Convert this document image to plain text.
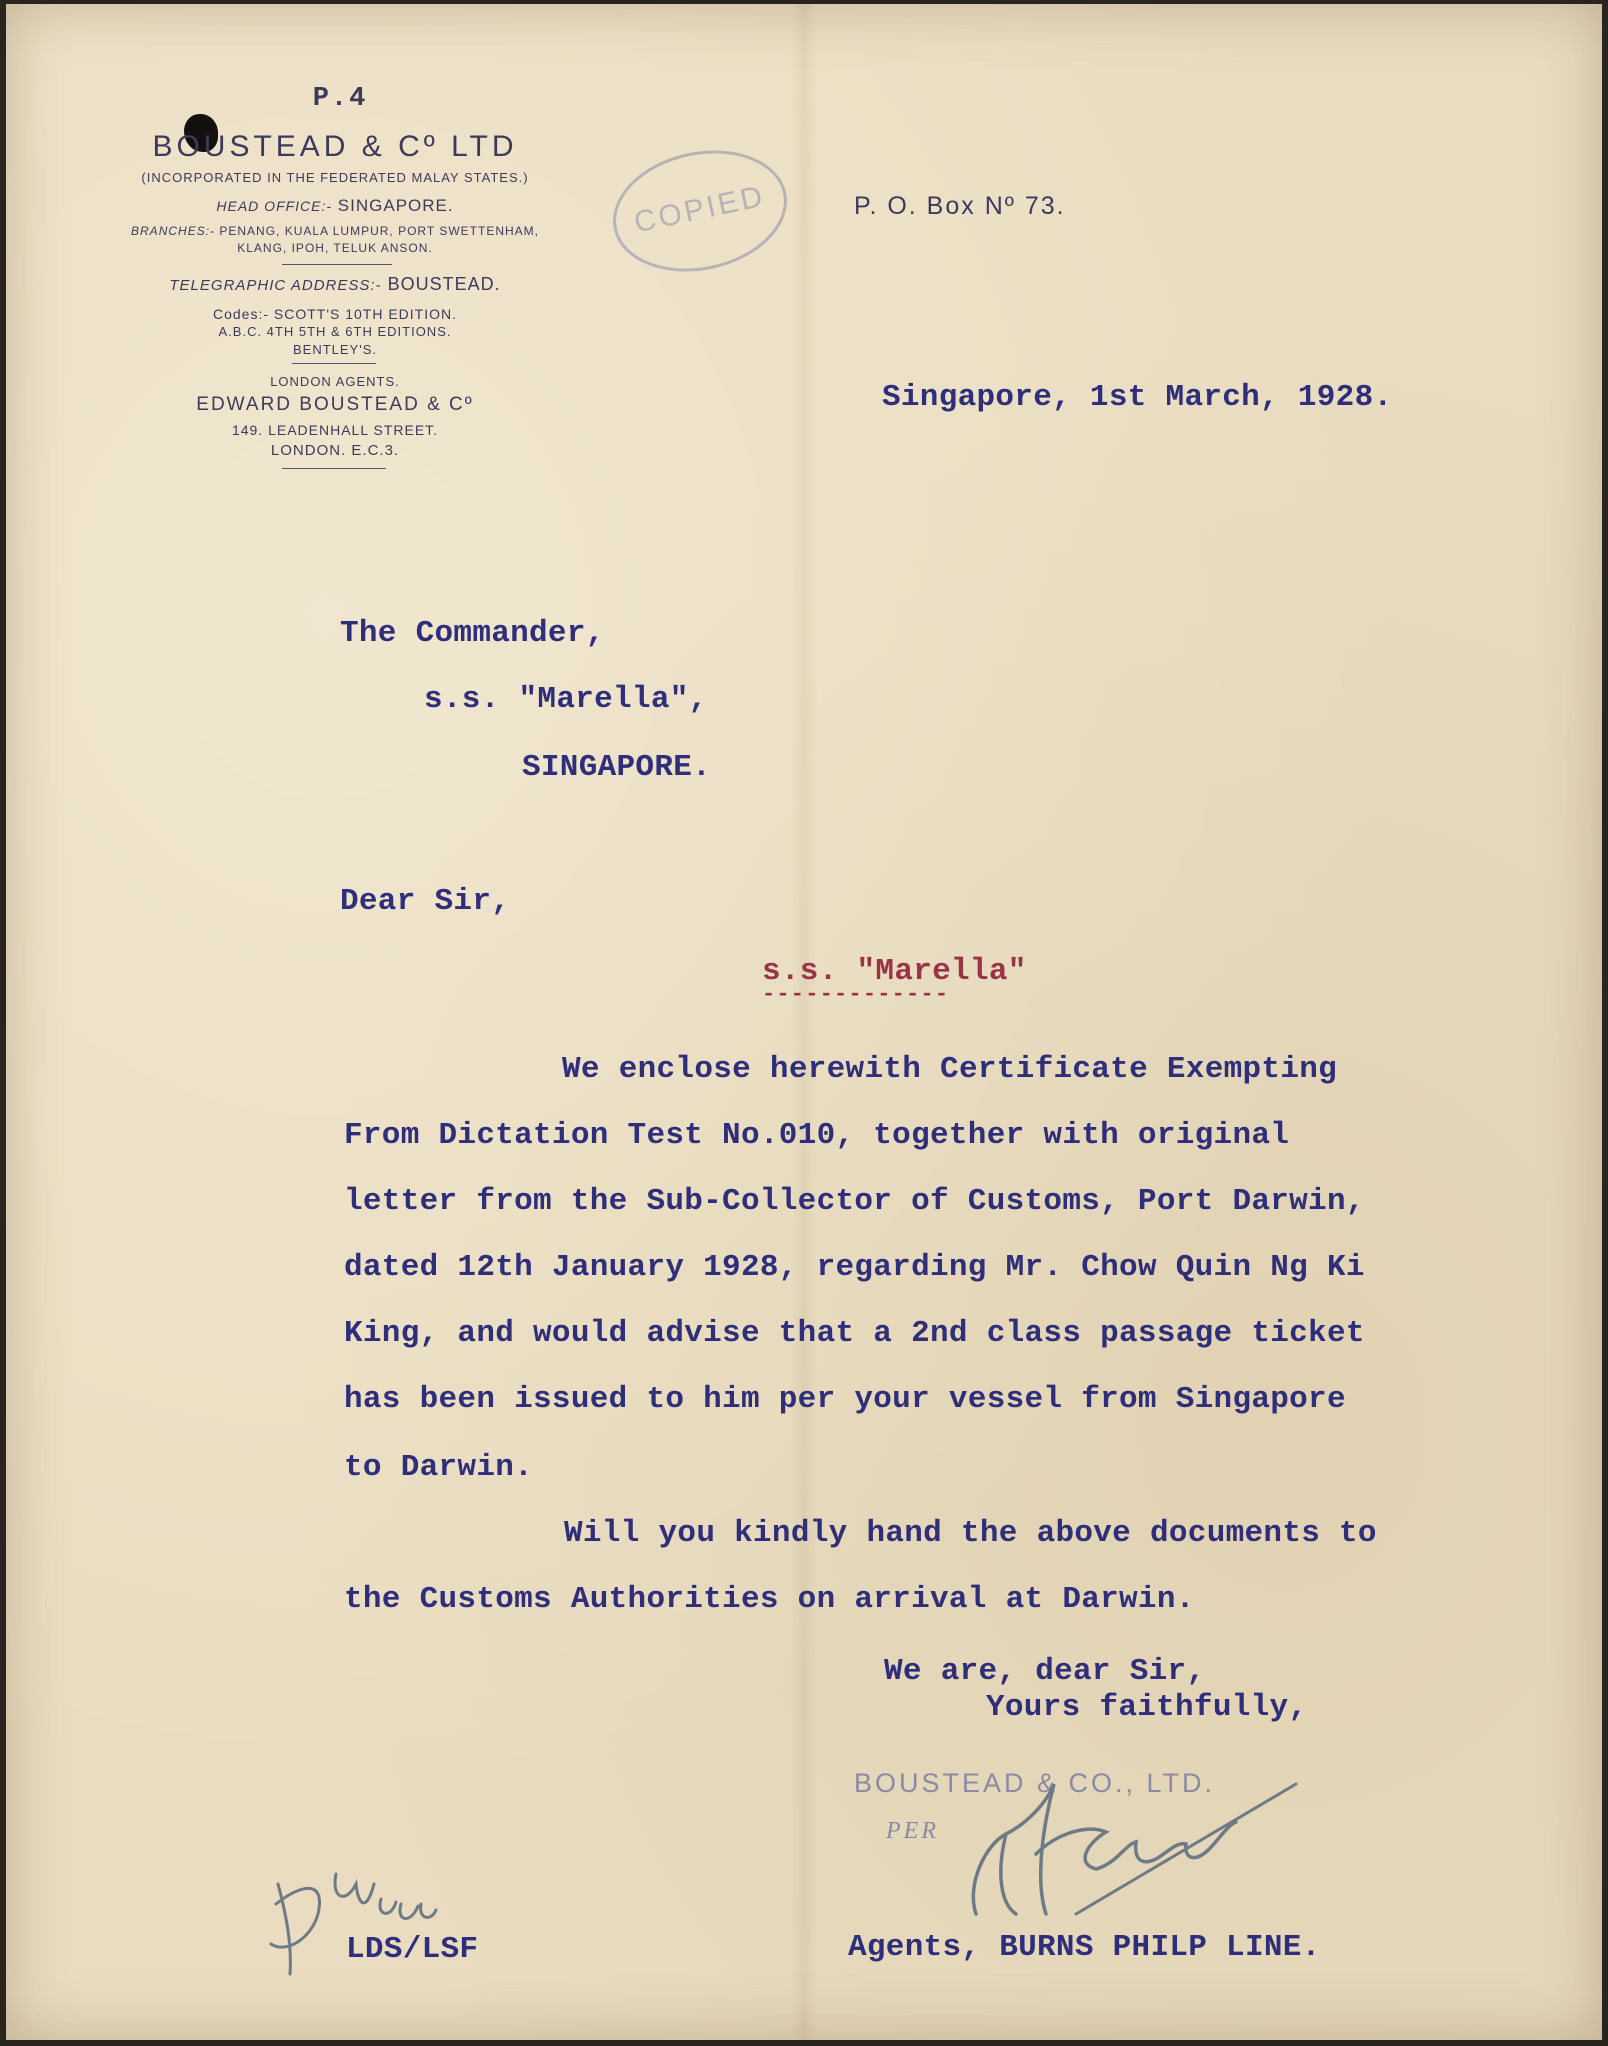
P.4
BOUSTEAD & Cº LTD
(INCORPORATED IN THE FEDERATED MALAY STATES.)
HEAD OFFICE:- SINGAPORE.
BRANCHES:- PENANG, KUALA LUMPUR, PORT SWETTENHAM,
KLANG, IPOH, TELUK ANSON.
TELEGRAPHIC ADDRESS:- BOUSTEAD.
Codes:- SCOTT'S 10TH EDITION.
A.B.C. 4TH 5TH & 6TH EDITIONS.
BENTLEY'S.
LONDON AGENTS.
EDWARD BOUSTEAD & Cº
149. LEADENHALL STREET.
LONDON. E.C.3.
COPIED	P. O. Box Nº 73.
Singapore, 1st March, 1928.
The Commander,
s.s. "Marella",
SINGAPORE.
Dear Sir,
s.s. "Marella"
-------------
We enclose herewith Certificate Exempting
From Dictation Test No.010, together with original
letter from the Sub-Collector of Customs, Port Darwin,
dated 12th January 1928, regarding Mr. Chow Quin Ng Ki
King, and would advise that a 2nd class passage ticket
has been issued to him per your vessel from Singapore
to Darwin.
Will you kindly hand the above documents to
the Customs Authorities on arrival at Darwin.
We are, dear Sir,
Yours faithfully,
BOUSTEAD & CO., LTD.
PER
Agents, BURNS PHILP LINE.
LDS/LSF
